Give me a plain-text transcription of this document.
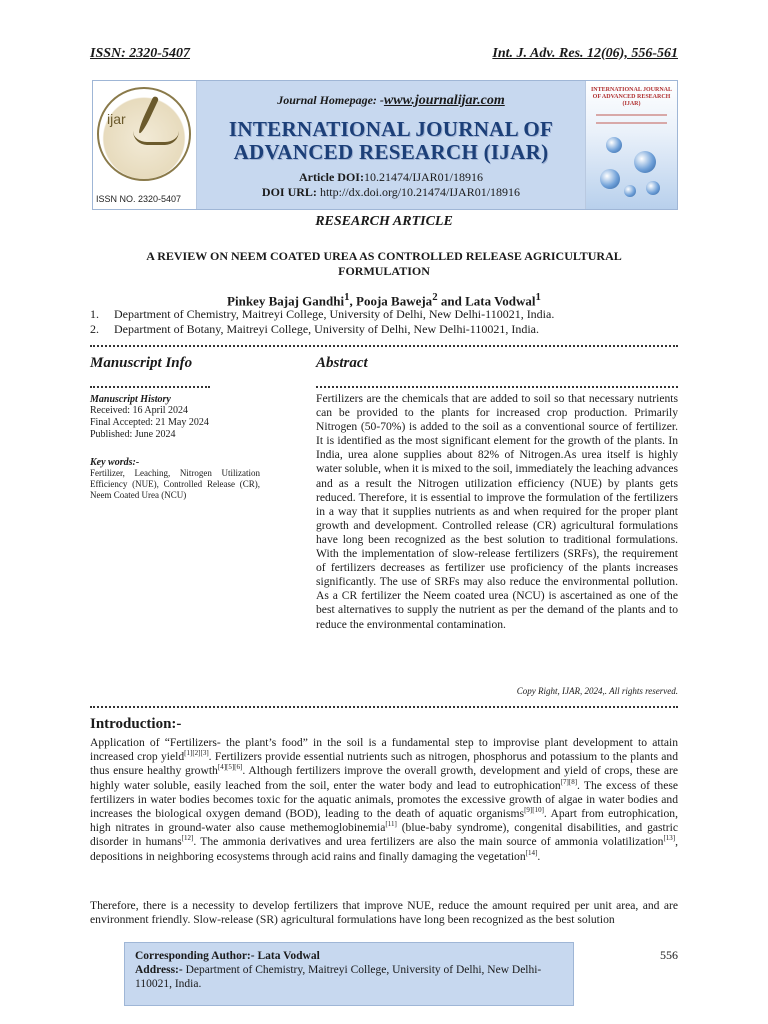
ISSN: 2320-5407	Int. J. Adv. Res. 12(06), 556-561
ijar
ISSN NO. 2320-5407
Journal Homepage: -www.journalijar.com
INTERNATIONAL JOURNAL OF
ADVANCED RESEARCH (IJAR)
Article DOI:10.21474/IJAR01/18916
DOI URL: http://dx.doi.org/10.21474/IJAR01/18916
INTERNATIONAL JOURNAL OF ADVANCED RESEARCH (IJAR)
RESEARCH ARTICLE
A REVIEW ON NEEM COATED UREA AS CONTROLLED RELEASE AGRICULTURAL FORMULATION
Pinkey Bajaj Gandhi$^1$, Pooja Baweja$^2$ and Lata Vodwal$^1$
1.	Department of Chemistry, Maitreyi College, University of Delhi, New Delhi-110021, India.
2.	Department of Botany, Maitreyi College, University of Delhi, New Delhi-110021, India.
Manuscript Info
Manuscript History
Received: 16 April 2024
Final Accepted: 21 May 2024
Published: June 2024
Key words:-
Fertilizer, Leaching, Nitrogen Utilization Efficiency (NUE), Controlled Release (CR), Neem Coated Urea (NCU)
Abstract
Fertilizers are the chemicals that are added to soil so that necessary nutrients can be provided to the plants for increased crop production. Primarily Nitrogen (50-70%) is added to the soil as a conventional source of fertilizer. It is identified as the most significant element for the growth of the plants. In India, urea alone supplies about 82% of Nitrogen.As urea itself is highly water soluble, when it is mixed to the soil, immediately the leaching advances and as a result the Nitrogen utilization efficiency (NUE) by plants gets reduced. Therefore, it is essential to improve the formulation of the fertilizers in a way that it supplies nutrients as and when required for the proper plant growth and development. Controlled release (CR) agricultural formulations have long been recognized as the best solution to traditional formulations. With the implementation of slow-release fertilizers (SRFs), the requirement of fertilizers decreases as fertilizer use proficiency of the plants increases significantly. The use of SRFs may also reduce the environmental pollution. As a CR fertilizer the Neem coated urea (NCU) is ascertained as one of the best alternatives to supply the nutrient as per the demand of the plants and to reduce the environmental contamination.
Copy Right, IJAR, 2024,. All rights reserved.
Introduction:-
Application of “Fertilizers- the plant’s food” in the soil is a fundamental step to improvise plant development to attain increased crop yield[1][2][3]. Fertilizers provide essential nutrients such as nitrogen, phosphorus and potassium to the plants and thus ensure healthy growth[4][5][6]. Although fertilizers improve the overall growth, development and yield of crops, these are highly water soluble, easily leached from the soil, enter the water body and lead to eutrophication[7][8]. The excess of these fertilizers in water bodies becomes toxic for the aquatic animals, promotes the excessive growth of algae in water bodies and increases the biological oxygen demand (BOD), leading to the death of aquatic organisms[9][10]. Apart from eutrophication, high nitrates in ground-water also cause methemoglobinemia[11] (blue-baby syndrome), congenital disabilities, and gastric disorder in humans[12]. The ammonia derivatives and urea fertilizers are also the main source of ammonia volatilization[13], depositions in neighboring ecosystems through acid rains and finally damaging the vegetation[14].
Therefore, there is a necessity to develop fertilizers that improve NUE, reduce the amount required per unit area, and are environment friendly. Slow-release (SR) agricultural formulations have long been recognized as the best solution
Corresponding Author:- Lata Vodwal
Address:- Department of Chemistry, Maitreyi College, University of Delhi, New Delhi-110021, India.
556
